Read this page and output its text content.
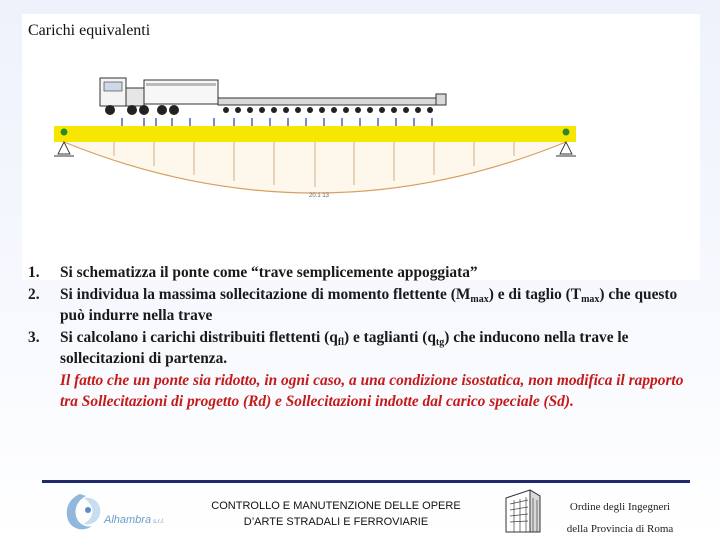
Carichi equivalenti
20.1 13
1. Si schematizza il ponte come “trave semplicemente appoggiata”
2. Si individua la massima sollecitazione di momento flettente $(M_{max})$ e di taglio $(T_{max})$ che questo può indurre nella trave
3. Si calcolano i carichi distribuiti flettenti $(q_{fl})$ e taglianti $(q_{tg})$ che inducono nella trave le sollecitazioni di partenza.
Il fatto che un ponte sia ridotto, in ogni caso, a una condizione isostatica, non modifica il rapporto tra Sollecitazioni di progetto (Rd) e Sollecitazioni indotte dal carico speciale (Sd).
Alhambra s.r.l.
CONTROLLO E MANUTENZIONE DELLE OPERE
D’ARTE STRADALI E FERROVIARIE
Ordine degli Ingegneri
della Provincia di Roma
